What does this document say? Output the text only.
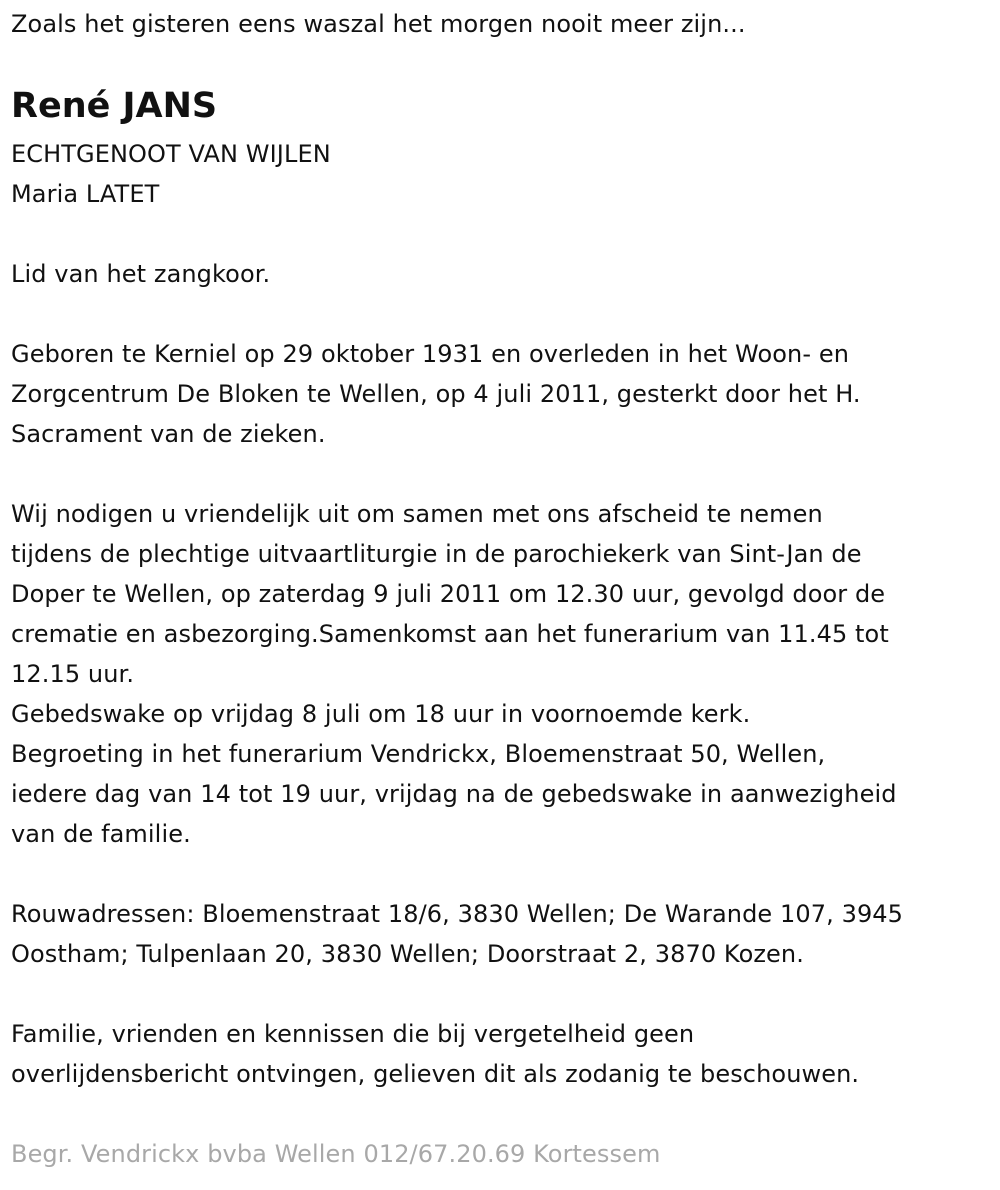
Zoals het gisteren eens waszal het morgen nooit meer zijn...
René JANS
ECHTGENOOT VAN WIJLEN
Maria LATET
Lid van het zangkoor.
Geboren te Kerniel op 29 oktober 1931 en overleden in het Woon- en
Zorgcentrum De Bloken te Wellen, op 4 juli 2011, gesterkt door het H.
Sacrament van de zieken.
Wij nodigen u vriendelijk uit om samen met ons afscheid te nemen
tijdens de plechtige uitvaartliturgie in de parochiekerk van Sint-Jan de
Doper te Wellen, op zaterdag 9 juli 2011 om 12.30 uur, gevolgd door de
crematie en asbezorging.Samenkomst aan het funerarium van 11.45 tot
12.15 uur.
Gebedswake op vrijdag 8 juli om 18 uur in voornoemde kerk.
Begroeting in het funerarium Vendrickx, Bloemenstraat 50, Wellen,
iedere dag van 14 tot 19 uur, vrijdag na de gebedswake in aanwezigheid
van de familie.
Rouwadressen: Bloemenstraat 18/6, 3830 Wellen; De Warande 107, 3945
Oostham; Tulpenlaan 20, 3830 Wellen; Doorstraat 2, 3870 Kozen.
Familie, vrienden en kennissen die bij vergetelheid geen
overlijdensbericht ontvingen, gelieven dit als zodanig te beschouwen.
Begr. Vendrickx bvba Wellen 012/67.20.69 Kortessem
